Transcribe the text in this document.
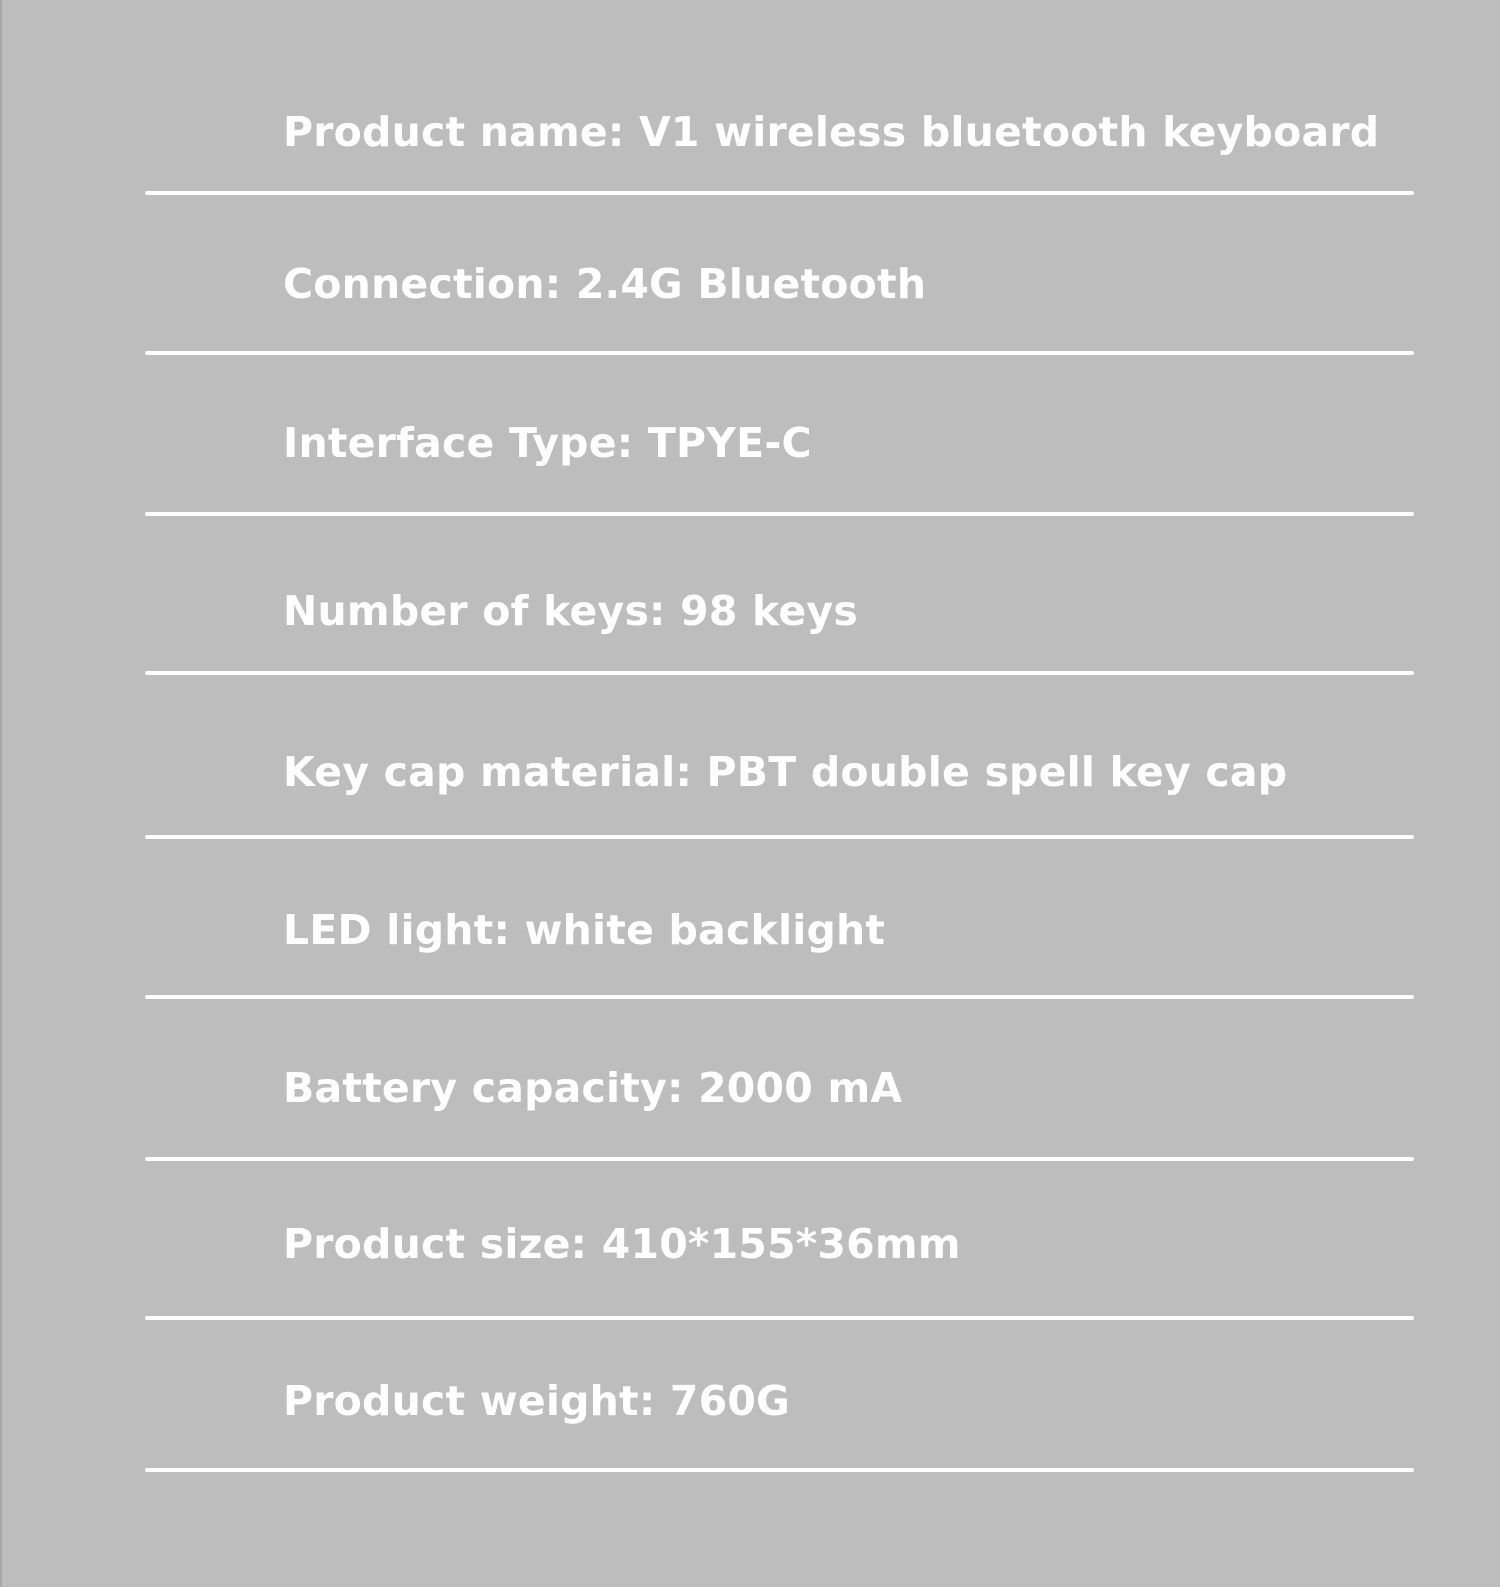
Product name: V1 wireless bluetooth keyboard

Connection: 2.4G Bluetooth

Interface Type: TPYE-C

Number of keys: 98 keys

Key cap material: PBT double spell key cap

LED light: white backlight

Battery capacity: 2000 mA

Product size: 410*155*36mm

Product weight: 760G
